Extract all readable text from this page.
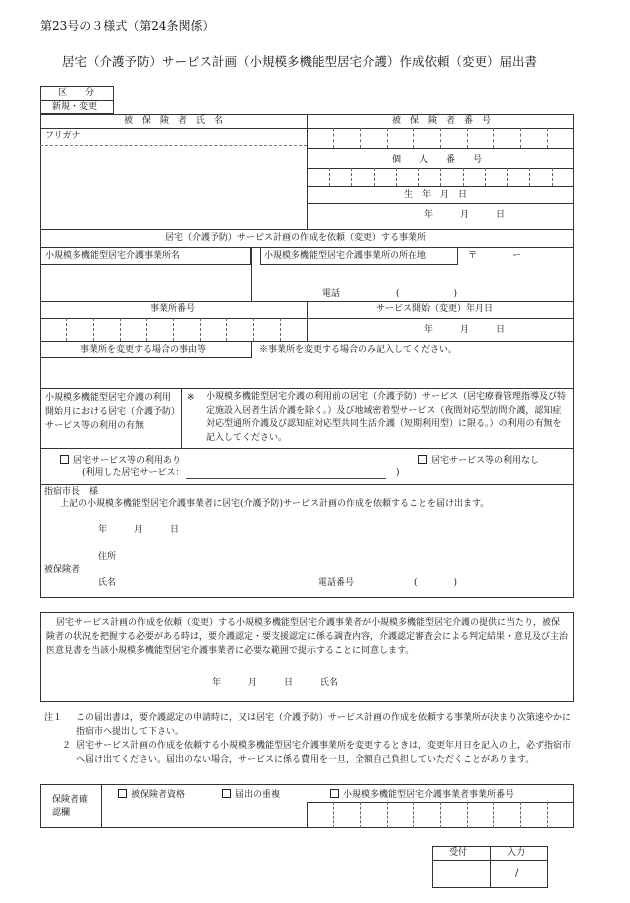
第23号の３様式（第24条関係）
居宅（介護予防）サービス計画（小規模多機能型居宅介護）作成依頼（変更）届出書
区　　分
新規・変更
被　保　険　者　氏　名	被　保　険　者　番　号
フリガナ
個　　人　　番　　号
生　年　月　日
年　　　月　　　日
居宅（介護予防）サービス計画の作成を依頼（変更）する事業所
小規模多機能型居宅介護事業所名	小規模多機能型居宅介護事業所の所在地	〒	ー
電話	(　　　　　　)
事業所番号	サービス開始（変更）年月日
年　　　月　　　日
事業所を変更する場合の事由等	※事業所を変更する場合のみ記入してください。
小規模多機能型居宅介護の利用開始月における居宅（介護予防）サービス等の利用の有無
※ 小規模多機能型居宅介護の利用前の居宅（介護予防）サービス（居宅療養管理指導及び特定施設入居者生活介護を除く。）及び地域密着型サービス（夜間対応型訪問介護，認知症対応型通所介護及び認知症対応型共同生活介護（短期利用型）に限る。）の利用の有無を記入してください。
居宅サービス等の利用あり
(利用した居宅サービス：	)
居宅サービス等の利用なし
指宿市長　様
上記の小規模多機能型居宅介護事業者に居宅(介護予防)サービス計画の作成を依頼することを届け出ます。
年　　　月　　　日
住所
被保険者
氏名	電話番号	(　　　　)
居宅サービス計画の作成を依頼（変更）する小規模多機能型居宅介護事業者が小規模多機能型居宅介護の提供に当たり，被保険者の状況を把握する必要がある時は，要介護認定・要支援認定に係る調査内容，介護認定審査会による判定結果・意見及び主治医意見書を当該小規模多機能型居宅介護事業者に必要な範囲で提示することに同意します。
年　　　月　　　日　　　氏名
注１ この届出書は，要介護認定の申請時に，又は居宅（介護予防）サービス計画の作成を依頼する事業所が決まり次第速やかに指宿市へ提出して下さい。
２ 居宅サービス計画の作成を依頼する小規模多機能型居宅介護事業所を変更するときは，変更年月日を記入の上，必ず指宿市へ届け出てください。届出のない場合，サービスに係る費用を一旦，全額自己負担していただくことがあります。
保険者確認欄
被保険者資格	届出の重複	小規模多機能型居宅介護事業者事業所番号
受付	入力
/
